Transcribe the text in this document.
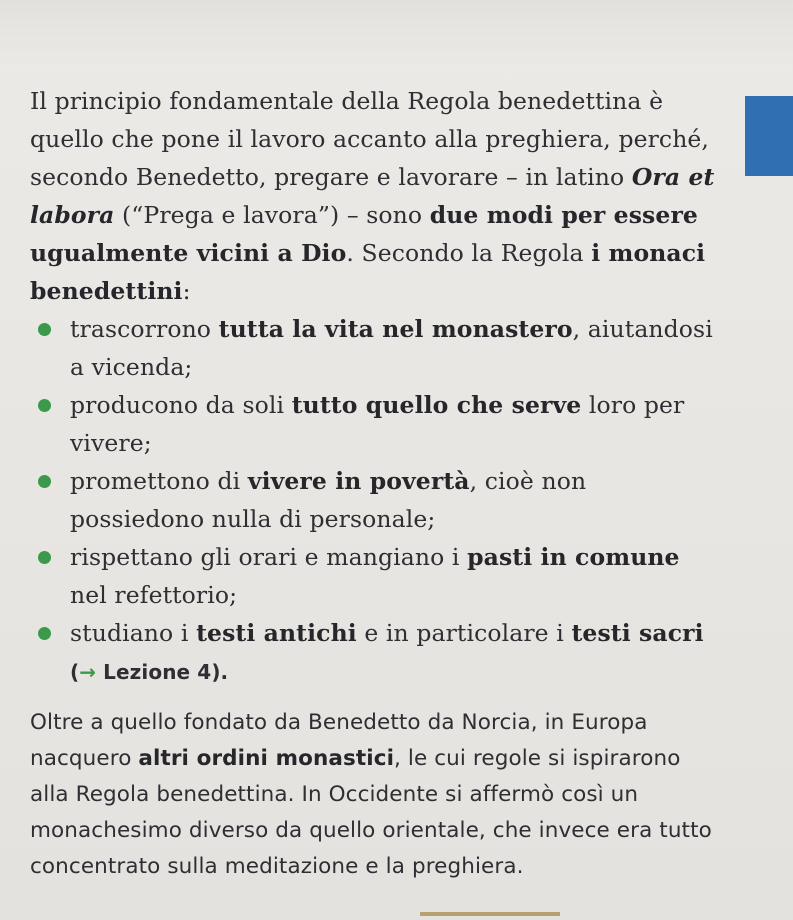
Il principio fondamentale della Regola benedettina è quello che pone il lavoro accanto alla preghiera, perché, secondo Benedetto, pregare e lavorare – in latino Ora et labora (“Prega e lavora”) – sono due modi per essere ugualmente vicini a Dio. Secondo la Regola i monaci benedettini:

trascorrono tutta la vita nel monastero, aiutandosi a vicenda;
producono da soli tutto quello che serve loro per vivere;
promettono di vivere in povertà, cioè non possiedono nulla di personale;
rispettano gli orari e mangiano i pasti in comune nel refettorio;
studiano i testi antichi e in particolare i testi sacri
(→ Lezione 4).

Oltre a quello fondato da Benedetto da Norcia, in Europa nacquero altri ordini monastici, le cui regole si ispirarono alla Regola benedettina. In Occidente si affermò così un monachesimo diverso da quello orientale, che invece era tutto concentrato sulla meditazione e la preghiera.
